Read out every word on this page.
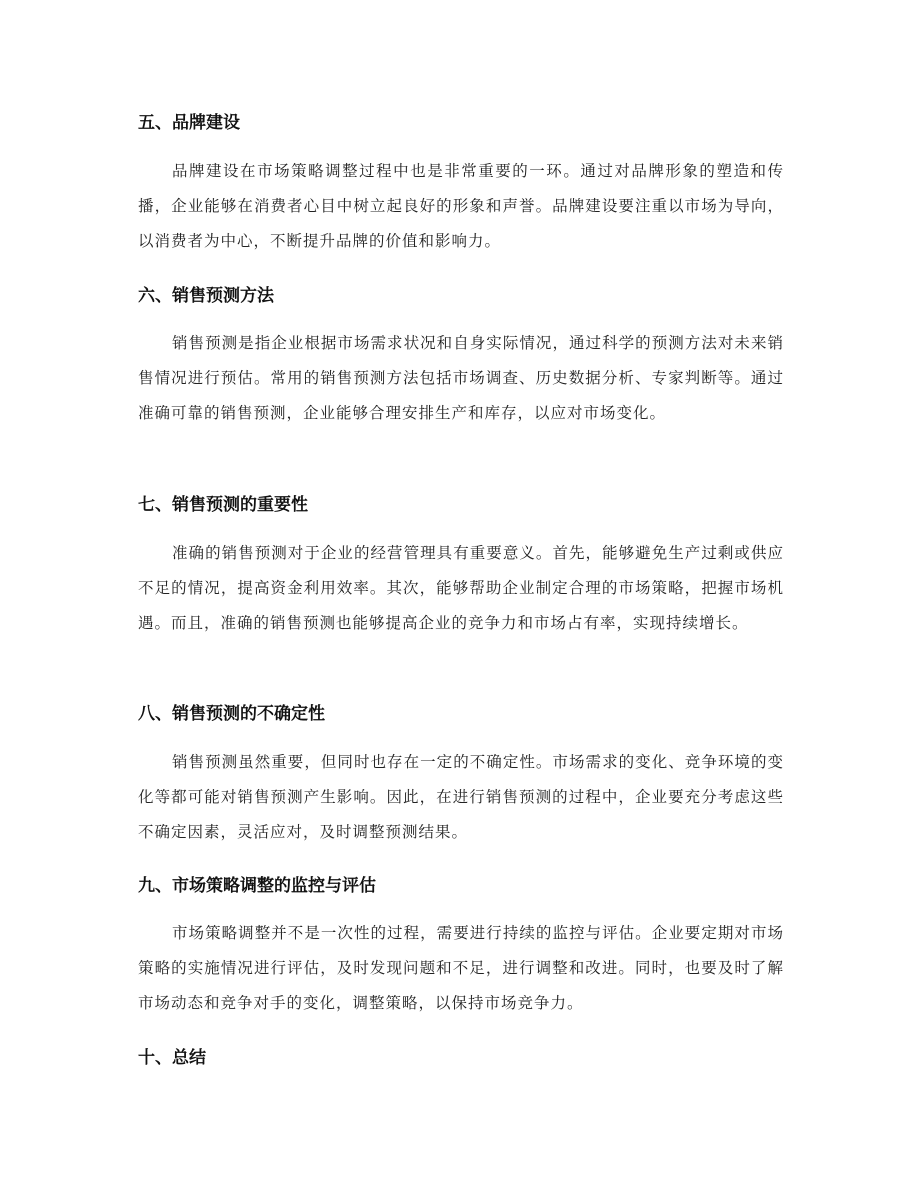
五、品牌建设

品牌建设在市场策略调整过程中也是非常重要的一环。通过对品牌形象的塑造和传播，企业能够在消费者心目中树立起良好的形象和声誉。品牌建设要注重以市场为导向，以消费者为中心，不断提升品牌的价值和影响力。

六、销售预测方法

销售预测是指企业根据市场需求状况和自身实际情况，通过科学的预测方法对未来销售情况进行预估。常用的销售预测方法包括市场调查、历史数据分析、专家判断等。通过准确可靠的销售预测，企业能够合理安排生产和库存，以应对市场变化。

七、销售预测的重要性

准确的销售预测对于企业的经营管理具有重要意义。首先，能够避免生产过剩或供应不足的情况，提高资金利用效率。其次，能够帮助企业制定合理的市场策略，把握市场机遇。而且，准确的销售预测也能够提高企业的竞争力和市场占有率，实现持续增长。

八、销售预测的不确定性

销售预测虽然重要，但同时也存在一定的不确定性。市场需求的变化、竞争环境的变化等都可能对销售预测产生影响。因此，在进行销售预测的过程中，企业要充分考虑这些不确定因素，灵活应对，及时调整预测结果。

九、市场策略调整的监控与评估

市场策略调整并不是一次性的过程，需要进行持续的监控与评估。企业要定期对市场策略的实施情况进行评估，及时发现问题和不足，进行调整和改进。同时，也要及时了解市场动态和竞争对手的变化，调整策略，以保持市场竞争力。

十、总结
